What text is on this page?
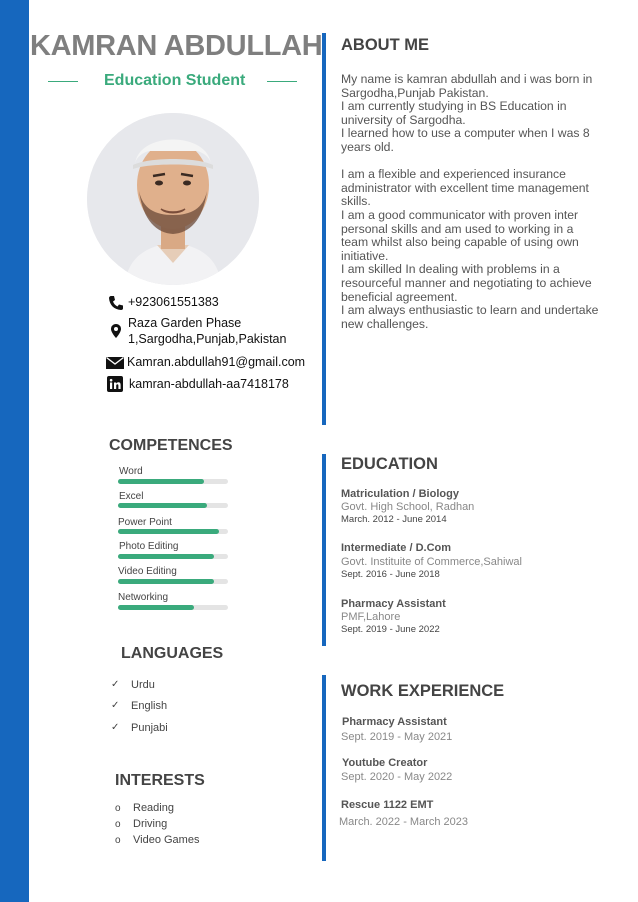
KAMRAN ABDULLAH
Education Student
+923061551383
Raza Garden Phase
1,Sargodha,Punjab,Pakistan
Kamran.abdullah91@gmail.com
kamran-abdullah-aa7418178
ABOUT ME

My name is kamran abdullah and i was born in Sargodha,Punjab Pakistan.

I am currently studying in BS Education in university of Sargodha.

I learned how to use a computer when I was 8 years old.

I am a flexible and experienced insurance administrator with excellent time management skills.

I am a good communicator with proven inter personal skills and am used to working in a team whilst also being capable of using own initiative.

I am skilled In dealing with problems in a resourceful manner and negotiating to achieve beneficial agreement.

I am always enthusiastic to learn and undertake new challenges.

COMPETENCES
Word
Excel
Power Point
Photo Editing
Video Editing
Networking
LANGUAGES
✓ Urdu
✓ English
✓ Punjabi
INTERESTS
o Reading
o Driving
o Video Games
EDUCATION
Matriculation / Biology
Govt. High School, Radhan
March. 2012 - June 2014
Intermediate / D.Com
Govt. Instituite of Commerce,Sahiwal
Sept. 2016 - June 2018
Pharmacy Assistant
PMF,Lahore
Sept. 2019 - June 2022
WORK EXPERIENCE
Pharmacy Assistant
Sept. 2019 - May 2021
Youtube Creator
Sept. 2020 - May 2022
Rescue 1122 EMT
March. 2022 - March 2023
